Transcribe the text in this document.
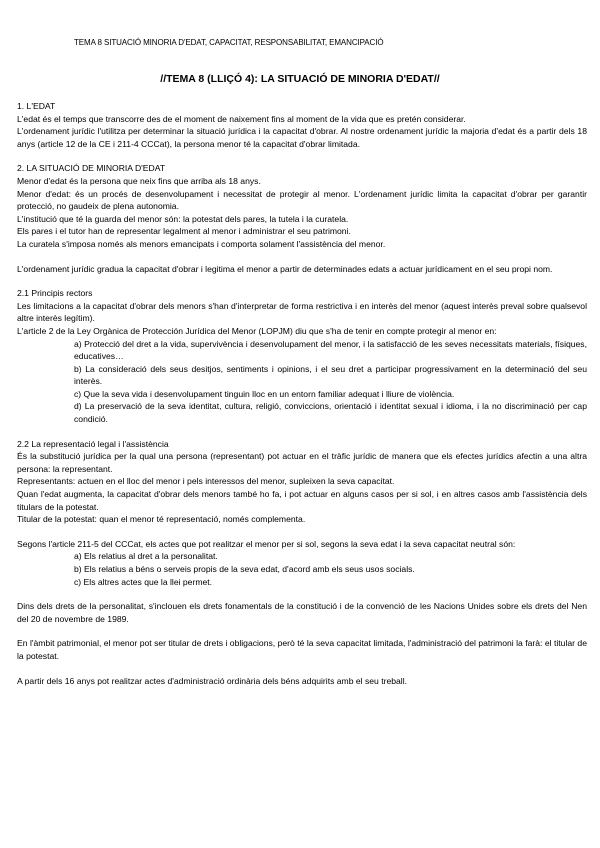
TEMA 8 SITUACIÓ MINORIA D'EDAT, CAPACITAT, RESPONSABILITAT, EMANCIPACIÓ
//TEMA 8 (LLIÇÓ 4): LA SITUACIÓ DE MINORIA D'EDAT//

1. L'EDAT

L'edat és el temps que transcorre des de el moment de naixement fins al moment de la vida que es pretén considerar.

L'ordenament jurídic l'utilitza per determinar la situació jurídica i la capacitat d'obrar. Al nostre ordenament jurídic la majoria d'edat és a partir dels 18 anys (article 12 de la CE i 211-4 CCCat), la persona menor té la capacitat d'obrar limitada.

2. LA SITUACIÓ DE MINORIA D'EDAT

Menor d'edat és la persona que neix fins que arriba als 18 anys.

Menor d'edat: és un procés de desenvolupament i necessitat de protegir al menor. L'ordenament jurídic limita la capacitat d'obrar per garantir protecció, no gaudeix de plena autonomia.

L'institució que té la guarda del menor són: la potestat dels pares, la tutela i la curatela.

Els pares i el tutor han de representar legalment al menor i administrar el seu patrimoni.

La curatela s'imposa només als menors emancipats i comporta solament l'assistència del menor.

L'ordenament jurídic gradua la capacitat d'obrar i legitima el menor a partir de determinades edats a actuar jurídicament en el seu propi nom.

2.1 Principis rectors

Les limitacions a la capacitat d'obrar dels menors s'han d'interpretar de forma restrictiva i en interès del menor (aquest interès preval sobre qualsevol altre interès legítim).

L'article 2 de la Ley Orgànica de Protección Jurídica del Menor (LOPJM) diu que s'ha de tenir en compte protegir al menor en:

a) Protecció del dret a la vida, supervivència i desenvolupament del menor, i la satisfacció de les seves necessitats materials, físiques, educatives…

b) La consideració dels seus desitjos, sentiments i opinions, i el seu dret a participar progressivament en la determinació del seu interès.

c) Que la seva vida i desenvolupament tinguin lloc en un entorn familiar adequat i lliure de violència.

d) La preservació de la seva identitat, cultura, religió, conviccions, orientació i identitat sexual i idioma, i la no discriminació per cap condició.

2.2 La representació legal i l'assistència

És la substitució jurídica per la qual una persona (representant) pot actuar en el tràfic jurídic de manera que els efectes jurídics afectin a una altra persona: la representant.

Representants: actuen en el lloc del menor i pels interessos del menor, supleixen la seva capacitat.

Quan l'edat augmenta, la capacitat d'obrar dels menors també ho fa, i pot actuar en alguns casos per si sol, i en altres casos amb l'assistència dels titulars de la potestat.

Titular de la potestat: quan el menor té representació, només complementa.

Segons l'article 211-5 del CCCat, els actes que pot realitzar el menor per si sol, segons la seva edat i la seva capacitat neutral són:

a) Els relatius al dret a la personalitat.

b) Els relatius a béns o serveis propis de la seva edat, d'acord amb els seus usos socials.

c) Els altres actes que la llei permet.

Dins dels drets de la personalitat, s'inclouen els drets fonamentals de la constitució i de la convenció de les Nacions Unides sobre els drets del Nen del 20 de novembre de 1989.

En l'àmbit patrimonial, el menor pot ser titular de drets i obligacions, però té la seva capacitat limitada, l'administració del patrimoni la farà: el titular de la potestat.

A partir dels 16 anys pot realitzar actes d'administració ordinària dels béns adquirits amb el seu treball.
